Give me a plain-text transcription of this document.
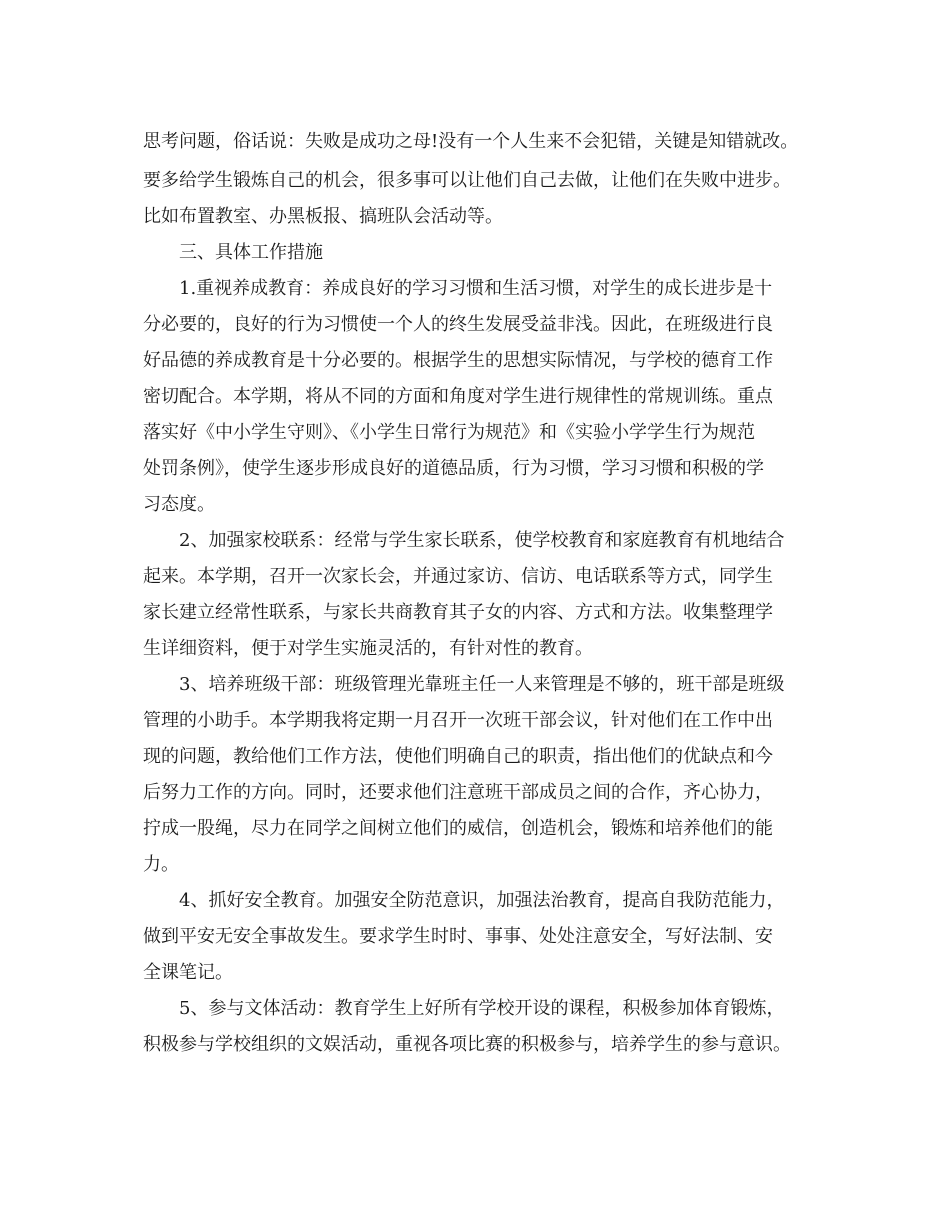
思考问题，俗话说：失败是成功之母!没有一个人生来不会犯错，关键是知错就改。
要多给学生锻炼自己的机会，很多事可以让他们自己去做，让他们在失败中进步。
比如布置教室、办黑板报、搞班队会活动等。
三、具体工作措施
1.重视养成教育：养成良好的学习习惯和生活习惯，对学生的成长进步是十
分必要的，良好的行为习惯使一个人的终生发展受益非浅。因此，在班级进行良
好品德的养成教育是十分必要的。根据学生的思想实际情况，与学校的德育工作
密切配合。本学期，将从不同的方面和角度对学生进行规律性的常规训练。重点
落实好《中小学生守则》、《小学生日常行为规范》和《实验小学学生行为规范
处罚条例》，使学生逐步形成良好的道德品质，行为习惯，学习习惯和积极的学
习态度。
2、加强家校联系：经常与学生家长联系，使学校教育和家庭教育有机地结合
起来。本学期，召开一次家长会，并通过家访、信访、电话联系等方式，同学生
家长建立经常性联系，与家长共商教育其子女的内容、方式和方法。收集整理学
生详细资料，便于对学生实施灵活的，有针对性的教育。
3、培养班级干部：班级管理光靠班主任一人来管理是不够的，班干部是班级
管理的小助手。本学期我将定期一月召开一次班干部会议，针对他们在工作中出
现的问题，教给他们工作方法，使他们明确自己的职责，指出他们的优缺点和今
后努力工作的方向。同时，还要求他们注意班干部成员之间的合作，齐心协力，
拧成一股绳，尽力在同学之间树立他们的威信，创造机会，锻炼和培养他们的能
力。
4、抓好安全教育。加强安全防范意识，加强法治教育，提高自我防范能力，
做到平安无安全事故发生。要求学生时时、事事、处处注意安全，写好法制、安
全课笔记。
5、参与文体活动：教育学生上好所有学校开设的课程，积极参加体育锻炼，
积极参与学校组织的文娱活动，重视各项比赛的积极参与，培养学生的参与意识。
